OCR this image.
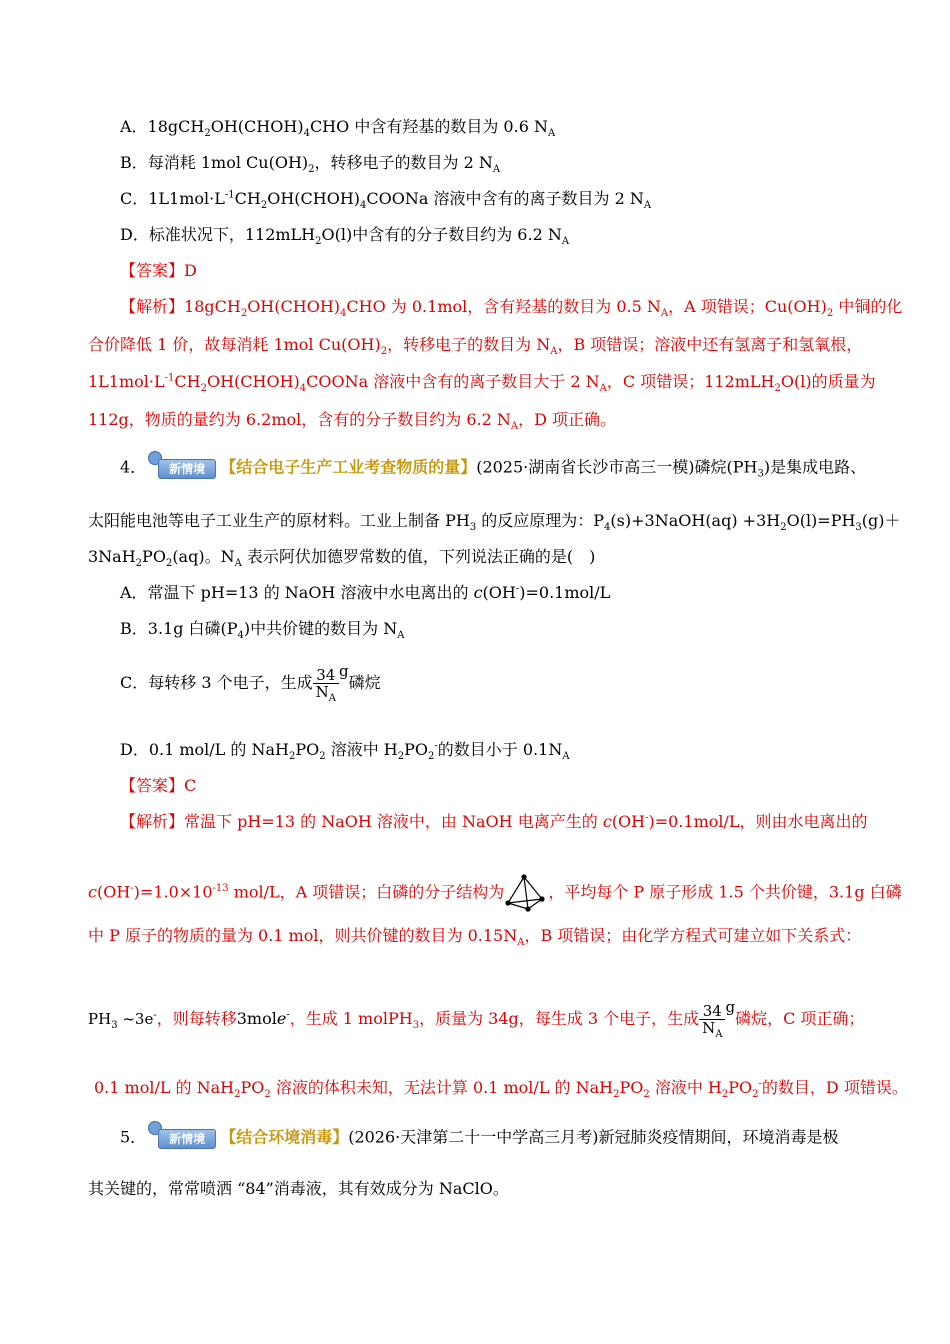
A．$18gCH_2OH(CHOH)_4CHO$ 中含有羟基的数目为 0.6 $N_A$
B．每消耗 1mol $Cu(OH)_2$，转移电子的数目为 2 $N_A$
C．$1L1mol\cdot L^{-1}CH_2OH(CHOH)_4COONa$ 溶液中含有的离子数目为 2 $N_A$
D．标准状况下，112mLH$_2$O(l)中含有的分子数目约为 6.2 $N_A$
【答案】D
【解析】$18gCH_2OH(CHOH)_4CHO$ 为 0.1mol，含有羟基的数目为 0.5 $N_A$，A 项错误；$Cu(OH)_2$ 中铜的化
合价降低 1 价，故每消耗 1mol $Cu(OH)_2$，转移电子的数目为 $N_A$，B 项错误；溶液中还有氢离子和氢氧根，
$1L1mol\cdot L^{-1}CH_2OH(CHOH)_4COONa$ 溶液中含有的离子数目大于 2 $N_A$，C 项错误；112mLH$_2$O(l)的质量为
112g，物质的量约为 6.2mol，含有的分子数目约为 6.2 $N_A$，D 项正确。
4．	新情境 【结合电子生产工业考查物质的量】(2025·湖南省长沙市高三一模)磷烷$(PH_3)$是集成电路、
太阳能电池等电子工业生产的原材料。工业上制备 $PH_3$ 的反应原理为：$P_4(s)+3NaOH(aq) +3H_2O(l)=PH_3(g)+$
$3NaH_2PO_2(aq)$。$N_A$ 表示阿伏加德罗常数的值，下列说法正确的是(　)
A．常温下 pH=13 的 NaOH 溶液中水电离出的 c(OH-)=0.1mol/L
B．3.1g 白磷$(P_4)$中共价键的数目为 $N_A$
C．每转移 3 个电子，生成 $\frac{34}{N_A}$ g磷烷
D．0.1 mol/L 的 $NaH_2PO_2$ 溶液中 $H_2PO_2^-$的数目小于 $0.1N_A$
【答案】C
【解析】常温下 pH=13 的 NaOH 溶液中，由 NaOH 电离产生的 c(OH-)=0.1mol/L，则由水电离出的
$c(OH^-)=1.0\times 10^{-13}$ mol/L，A 项错误；白磷的分子结构为	，平均每个 P 原子形成 1.5 个共价键，3.1g 白磷
中 P 原子的物质的量为 0.1 mol，则共价键的数目为 $0.15N_A$，B 项错误；由化学方程式可建立如下关系式：
$PH_3$ ~3e-，则每转移3mole-，生成 1 molPH$_3$，质量为 34g，每生成 3 个电子，生成 $\frac{34}{N_A}$ g磷烷，C 项正确；
0.1 mol/L 的 $NaH_2PO_2$ 溶液的体积未知，无法计算 0.1 mol/L 的 $NaH_2PO_2$ 溶液中 $H_2PO_2^-$的数目，D 项错误。
5．	新情境 【结合环境消毒】(2026·天津第二十一中学高三月考)新冠肺炎疫情期间，环境消毒是极
其关键的，常常喷洒 “84”消毒液，其有效成分为 NaClO。
